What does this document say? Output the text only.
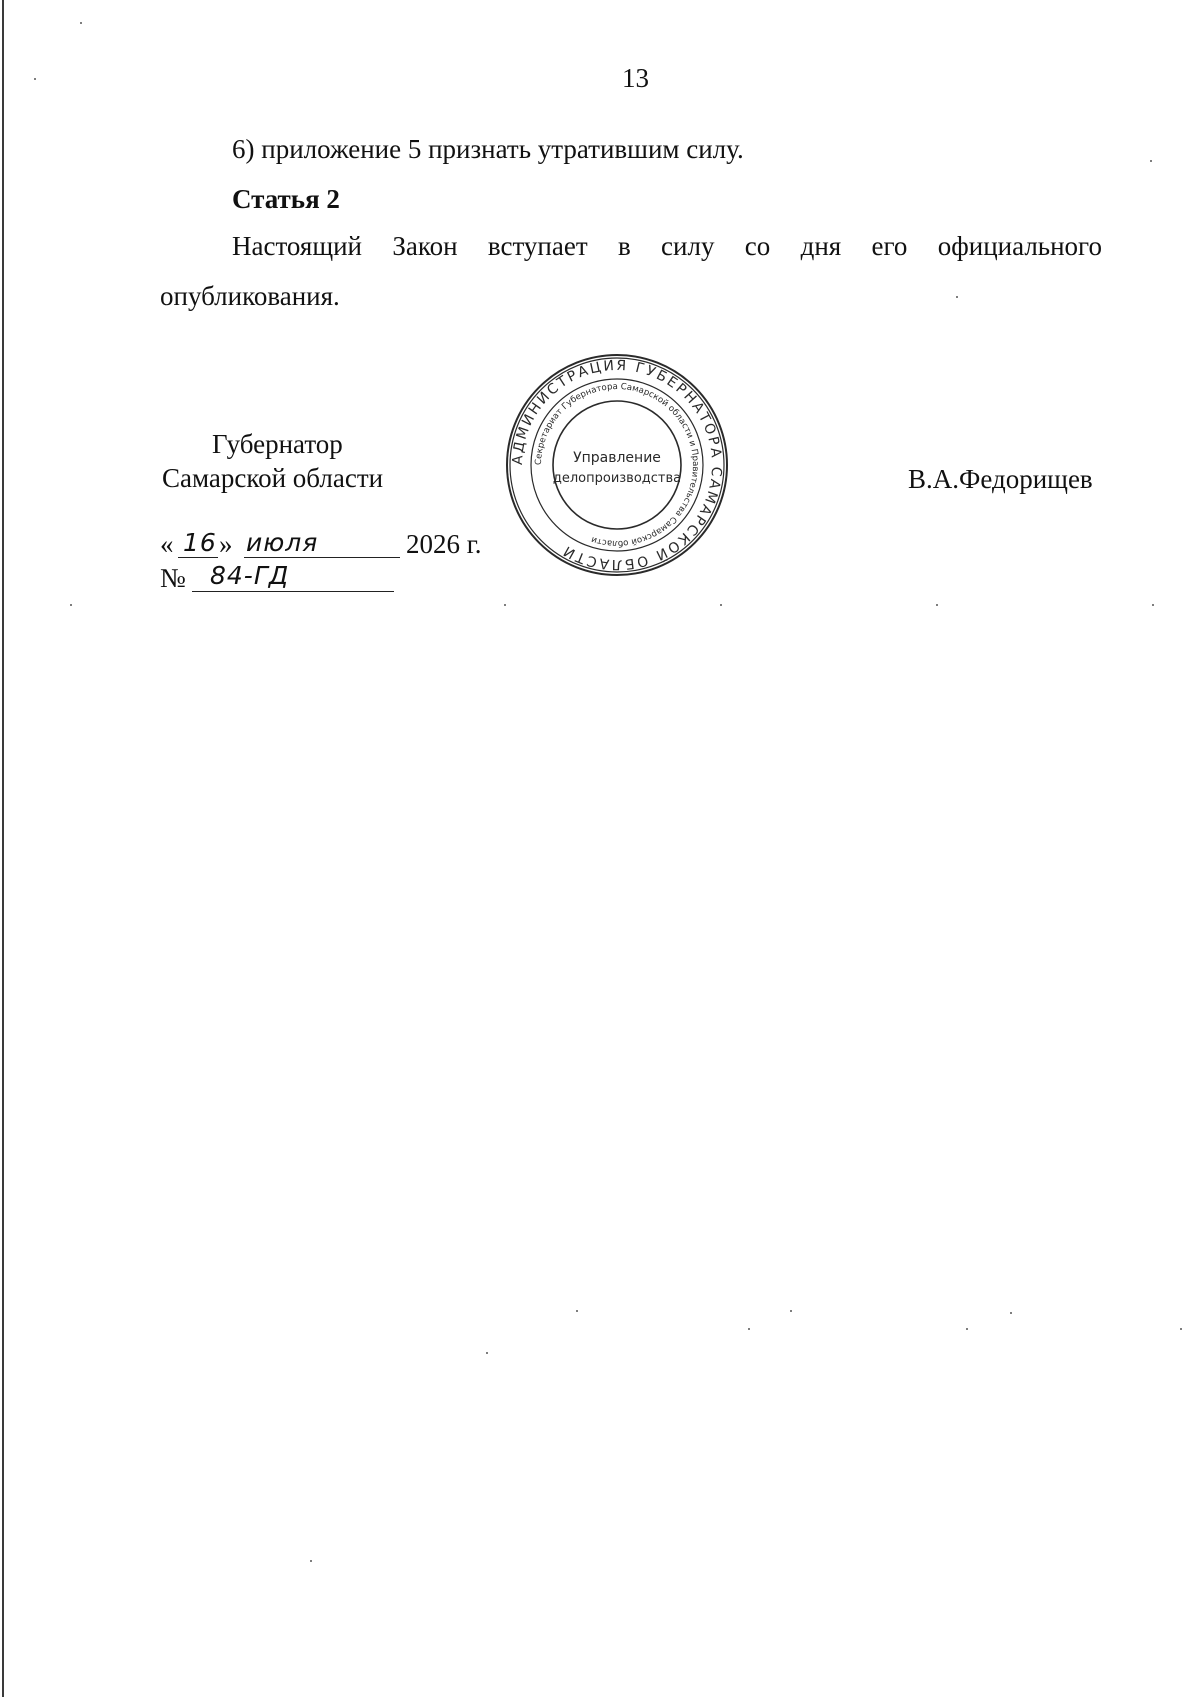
13
6) приложение 5 признать утратившим силу.
Статья 2
Настоящий Закон вступает в силу со дня его официального
опубликования.
Губернатор
Самарской области	В.А.Федорищев
« 16 » июля	2026 г.
№ 84-ГД
АДМИНИСТРАЦИЯ ГУБЕРНАТОРА САМАРСКОЙ ОБЛАСТИ
Секретариат Губернатора Самарской области и Правительства Самарской области
Управление
делопроизводства
